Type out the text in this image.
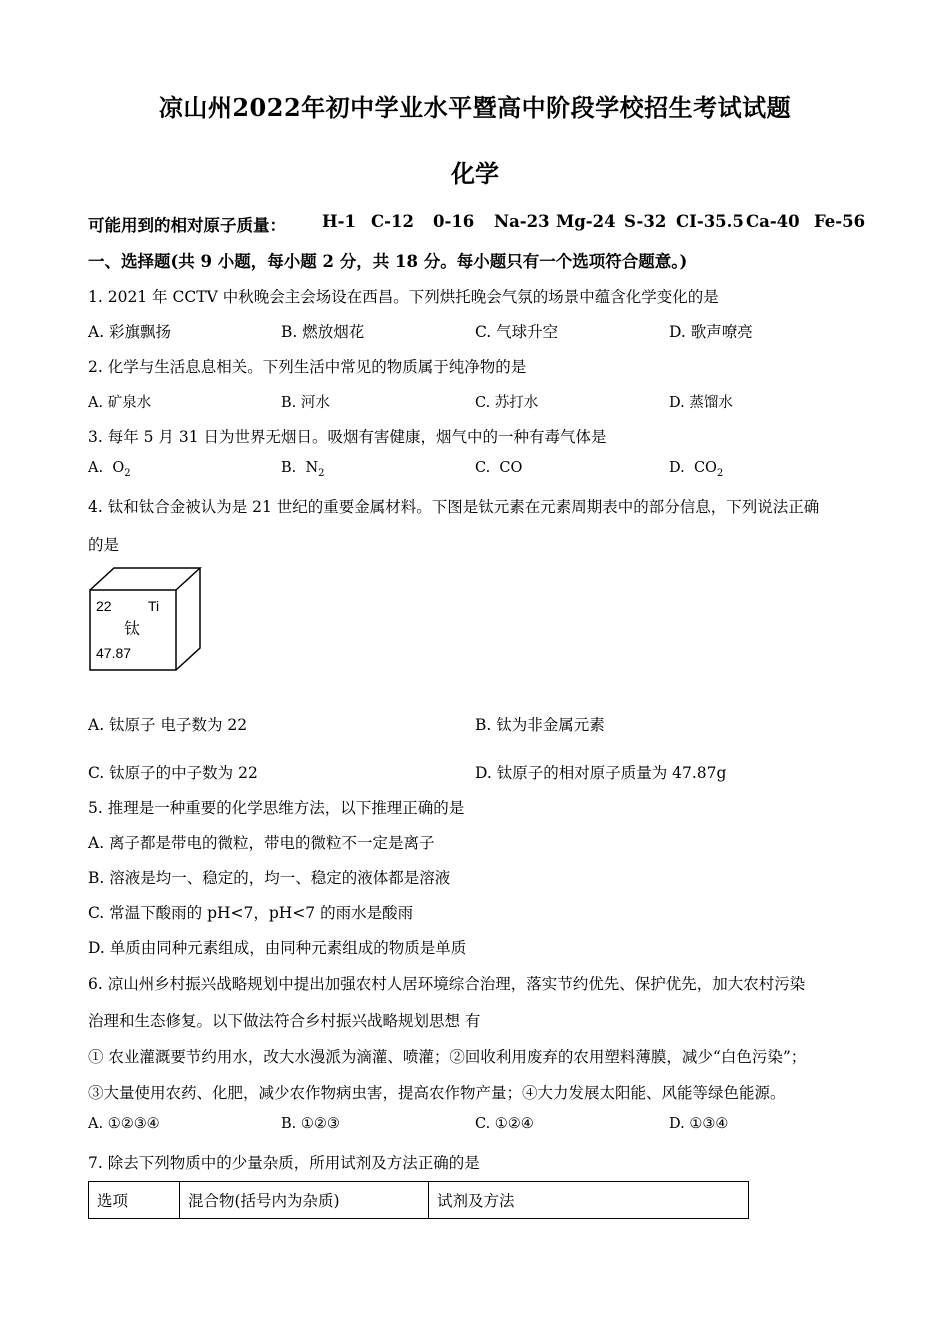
凉山州2022年初中学业水平暨高中阶段学校招生考试试题
化学
可能用到的相对原子质量： H-1 C-12 0-16 Na-23 Mg-24 S-32 CI-35.5 Ca-40 Fe-56
一、选择题(共 9 小题，每小题 2 分，共 18 分。每小题只有一个选项符合题意。)
1. 2021 年 CCTV 中秋晚会主会场设在西昌。下列烘托晚会气氛的场景中蕴含化学变化的是
A. 彩旗飘扬	B. 燃放烟花	C. 气球升空	D. 歌声嘹亮
2. 化学与生活息息相关。下列生活中常见的物质属于纯净物的是
A. 矿泉水	B. 河水	C. 苏打水	D. 蒸馏水
3. 每年 5 月 31 日为世界无烟日。吸烟有害健康，烟气中的一种有毒气体是
A. $O_2$	B. $N_2$	C. CO	D. $CO_2$
4. 钛和钛合金被认为是 21 世纪的重要金属材料。下图是钛元素在元素周期表中的部分信息，下列说法正确
的是
22	Ti
钛
47.87
A. 钛原子 电子数为 22	B. 钛为非金属元素
C. 钛原子的中子数为 22	D. 钛原子的相对原子质量为 47.87g
5. 推理是一种重要的化学思维方法，以下推理正确的是
A. 离子都是带电的微粒，带电的微粒不一定是离子
B. 溶液是均一、稳定的，均一、稳定的液体都是溶液
C. 常温下酸雨的 pH<7，pH<7 的雨水是酸雨
D. 单质由同种元素组成，由同种元素组成的物质是单质
6. 凉山州乡村振兴战略规划中提出加强农村人居环境综合治理，落实节约优先、保护优先，加大农村污染
治理和生态修复。以下做法符合乡村振兴战略规划思想 有
① 农业灌溉要节约用水，改大水漫派为滴灌、喷灌；②回收利用废弃的农用塑料薄膜，减少“白色污染”；
③大量使用农药、化肥，减少农作物病虫害，提高农作物产量；④大力发展太阳能、风能等绿色能源。
A. ①②③④	B. ①②③	C. ①②④	D. ①③④
7. 除去下列物质中的少量杂质，所用试剂及方法正确的是
选项	混合物(括号内为杂质)	试剂及方法
